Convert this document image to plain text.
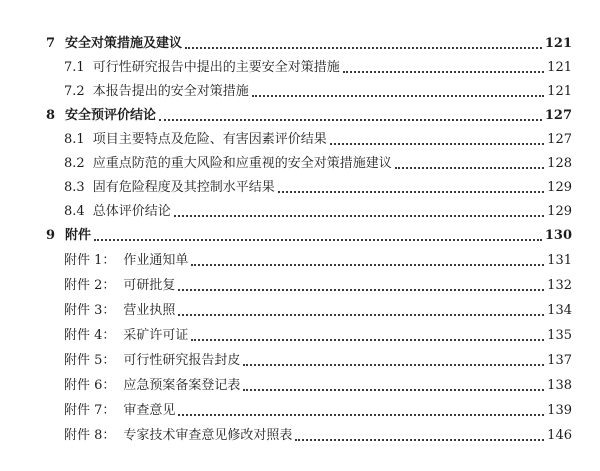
7 安全对策措施及建议	121
7.1 可行性研究报告中提出的主要安全对策措施	121
7.2 本报告提出的安全对策措施	121
8 安全预评价结论	127
8.1 项目主要特点及危险、有害因素评价结果	127
8.2 应重点防范的重大风险和应重视的安全对策措施建议	128
8.3 固有危险程度及其控制水平结果	129
8.4 总体评价结论	129
9 附件	130
附件 1： 作业通知单	131
附件 2： 可研批复	132
附件 3： 营业执照	134
附件 4： 采矿许可证	135
附件 5： 可行性研究报告封皮	137
附件 6： 应急预案备案登记表	138
附件 7： 审查意见	139
附件 8： 专家技术审查意见修改对照表	146
